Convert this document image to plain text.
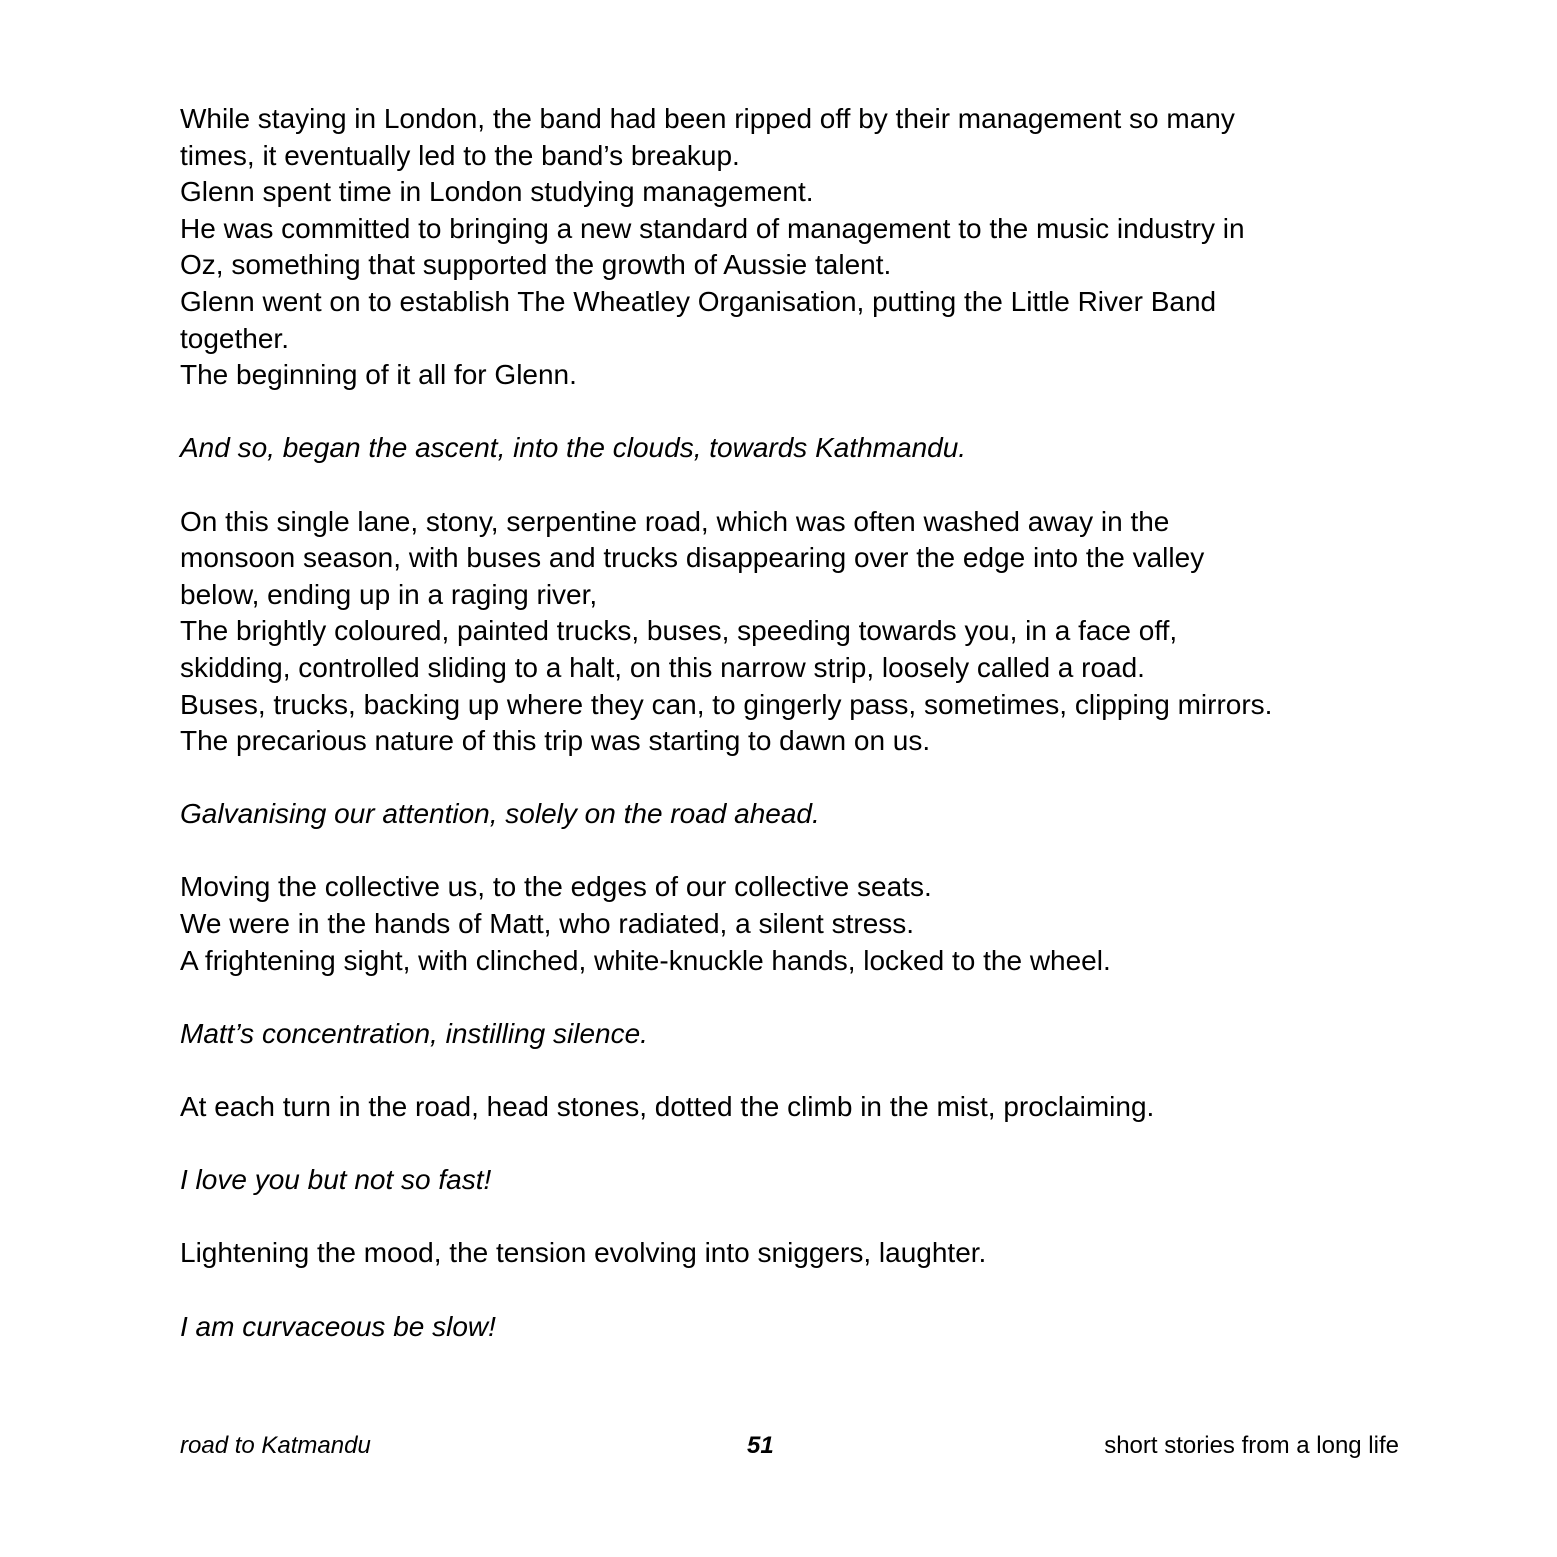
While staying in London, the band had been ripped off by their management so many

times, it eventually led to the band’s breakup.

Glenn spent time in London studying management.

He was committed to bringing a new standard of management to the music industry in

Oz, something that supported the growth of Aussie talent.

Glenn went on to establish The Wheatley Organisation, putting the Little River Band

together.

The beginning of it all for Glenn.

And so, began the ascent, into the clouds, towards Kathmandu.

On this single lane, stony, serpentine road, which was often washed away in the

monsoon season, with buses and trucks disappearing over the edge into the valley

below, ending up in a raging river,

The brightly coloured, painted trucks, buses, speeding towards you, in a face off,

skidding, controlled sliding to a halt, on this narrow strip, loosely called a road.

Buses, trucks, backing up where they can, to gingerly pass, sometimes, clipping mirrors.

The precarious nature of this trip was starting to dawn on us.

Galvanising our attention, solely on the road ahead.

Moving the collective us, to the edges of our collective seats.

We were in the hands of Matt, who radiated, a silent stress.

A frightening sight, with clinched, white-knuckle hands, locked to the wheel.

Matt’s concentration, instilling silence.

At each turn in the road, head stones, dotted the climb in the mist, proclaiming.

I love you but not so fast!

Lightening the mood, the tension evolving into sniggers, laughter.

I am curvaceous be slow!

road to Katmandu	51	short stories from a long life
